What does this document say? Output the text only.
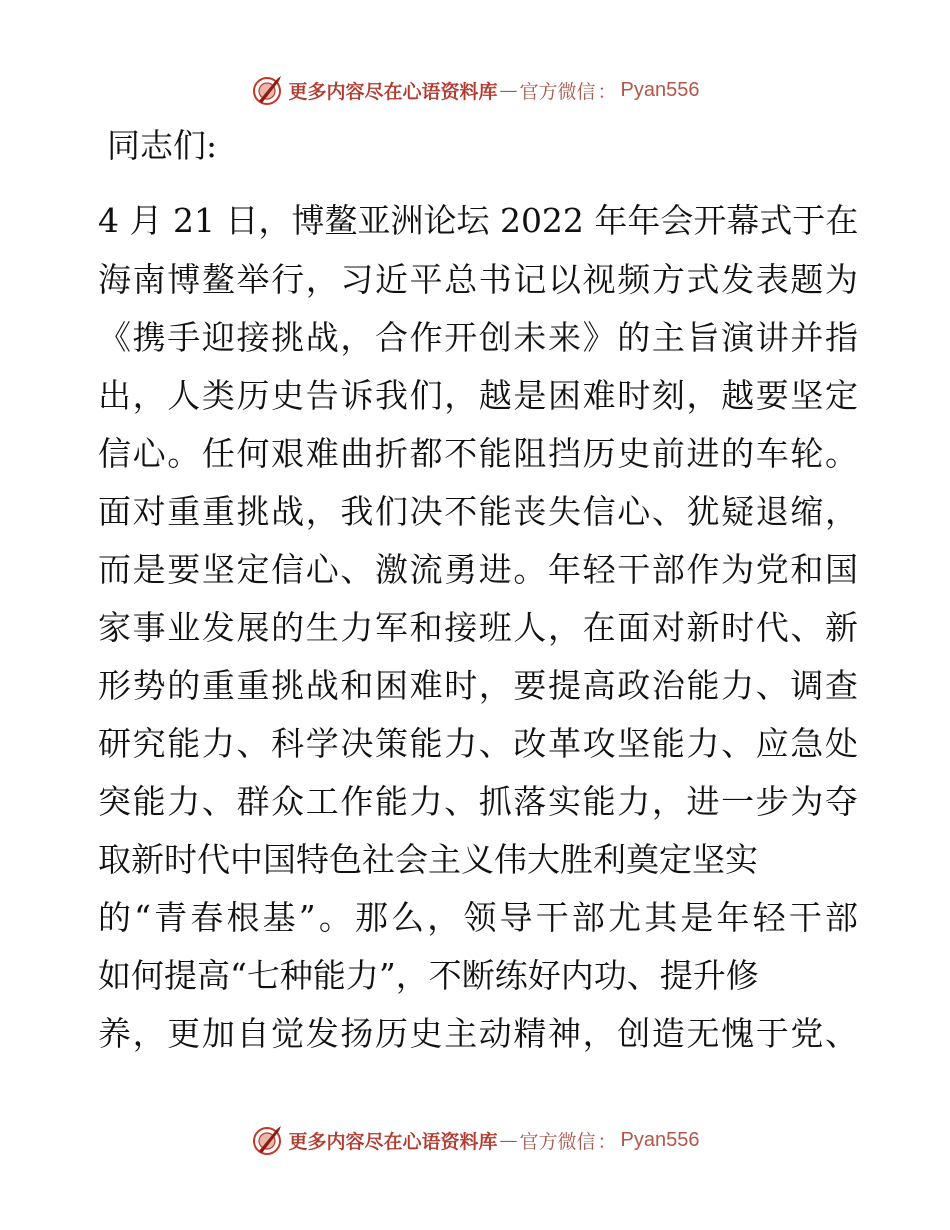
更多内容尽在心语资料库 — 官方微信 ： Pyan556
同志们:
4 月 21 日，博鳌亚洲论坛 2022 年年会开幕式于在
海南博鳌举行，习近平总书记以视频方式发表题为
《携手迎接挑战，合作开创未来》的主旨演讲并指
出，人类历史告诉我们，越是困难时刻，越要坚定
信心。任何艰难曲折都不能阻挡历史前进的车轮。
面对重重挑战，我们决不能丧失信心、犹疑退缩，
而是要坚定信心、激流勇进。年轻干部作为党和国
家事业发展的生力军和接班人，在面对新时代、新
形势的重重挑战和困难时，要提高政治能力、调查
研究能力、科学决策能力、改革攻坚能力、应急处
突能力、群众工作能力、抓落实能力，进一步为夺
取新时代中国特色社会主义伟大胜利奠定坚实
的“青春根基”。那么，领导干部尤其是年轻干部
如何提高“七种能力”，不断练好内功、提升修
养，更加自觉发扬历史主动精神，创造无愧于党、
更多内容尽在心语资料库 — 官方微信 ： Pyan556
